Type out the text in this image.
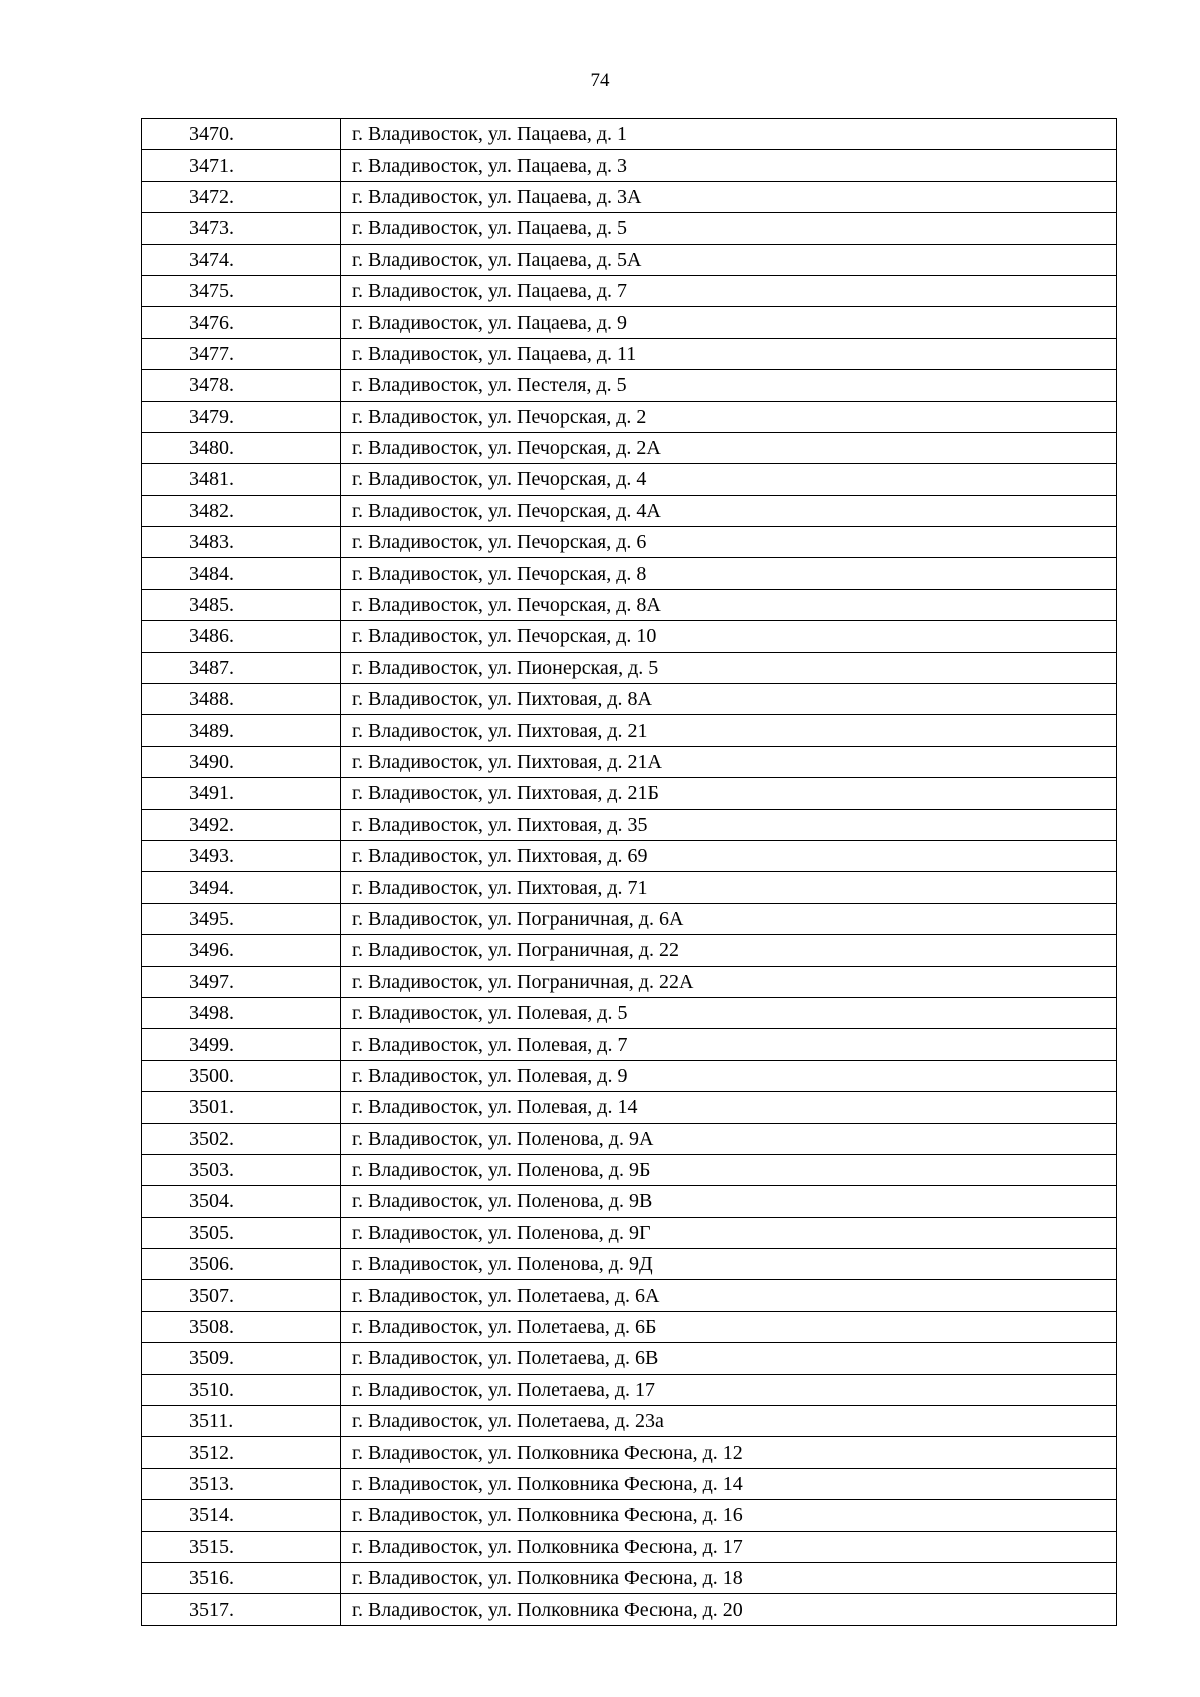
74
3470.	г. Владивосток, ул. Пацаева, д. 1
3471.	г. Владивосток, ул. Пацаева, д. 3
3472.	г. Владивосток, ул. Пацаева, д. 3А
3473.	г. Владивосток, ул. Пацаева, д. 5
3474.	г. Владивосток, ул. Пацаева, д. 5А
3475.	г. Владивосток, ул. Пацаева, д. 7
3476.	г. Владивосток, ул. Пацаева, д. 9
3477.	г. Владивосток, ул. Пацаева, д. 11
3478.	г. Владивосток, ул. Пестеля, д. 5
3479.	г. Владивосток, ул. Печорская, д. 2
3480.	г. Владивосток, ул. Печорская, д. 2А
3481.	г. Владивосток, ул. Печорская, д. 4
3482.	г. Владивосток, ул. Печорская, д. 4А
3483.	г. Владивосток, ул. Печорская, д. 6
3484.	г. Владивосток, ул. Печорская, д. 8
3485.	г. Владивосток, ул. Печорская, д. 8А
3486.	г. Владивосток, ул. Печорская, д. 10
3487.	г. Владивосток, ул. Пионерская, д. 5
3488.	г. Владивосток, ул. Пихтовая, д. 8А
3489.	г. Владивосток, ул. Пихтовая, д. 21
3490.	г. Владивосток, ул. Пихтовая, д. 21А
3491.	г. Владивосток, ул. Пихтовая, д. 21Б
3492.	г. Владивосток, ул. Пихтовая, д. 35
3493.	г. Владивосток, ул. Пихтовая, д. 69
3494.	г. Владивосток, ул. Пихтовая, д. 71
3495.	г. Владивосток, ул. Пограничная, д. 6А
3496.	г. Владивосток, ул. Пограничная, д. 22
3497.	г. Владивосток, ул. Пограничная, д. 22А
3498.	г. Владивосток, ул. Полевая, д. 5
3499.	г. Владивосток, ул. Полевая, д. 7
3500.	г. Владивосток, ул. Полевая, д. 9
3501.	г. Владивосток, ул. Полевая, д. 14
3502.	г. Владивосток, ул. Поленова, д. 9А
3503.	г. Владивосток, ул. Поленова, д. 9Б
3504.	г. Владивосток, ул. Поленова, д. 9В
3505.	г. Владивосток, ул. Поленова, д. 9Г
3506.	г. Владивосток, ул. Поленова, д. 9Д
3507.	г. Владивосток, ул. Полетаева, д. 6А
3508.	г. Владивосток, ул. Полетаева, д. 6Б
3509.	г. Владивосток, ул. Полетаева, д. 6В
3510.	г. Владивосток, ул. Полетаева, д. 17
3511.	г. Владивосток, ул. Полетаева, д. 23а
3512.	г. Владивосток, ул. Полковника Фесюна, д. 12
3513.	г. Владивосток, ул. Полковника Фесюна, д. 14
3514.	г. Владивосток, ул. Полковника Фесюна, д. 16
3515.	г. Владивосток, ул. Полковника Фесюна, д. 17
3516.	г. Владивосток, ул. Полковника Фесюна, д. 18
3517.	г. Владивосток, ул. Полковника Фесюна, д. 20
